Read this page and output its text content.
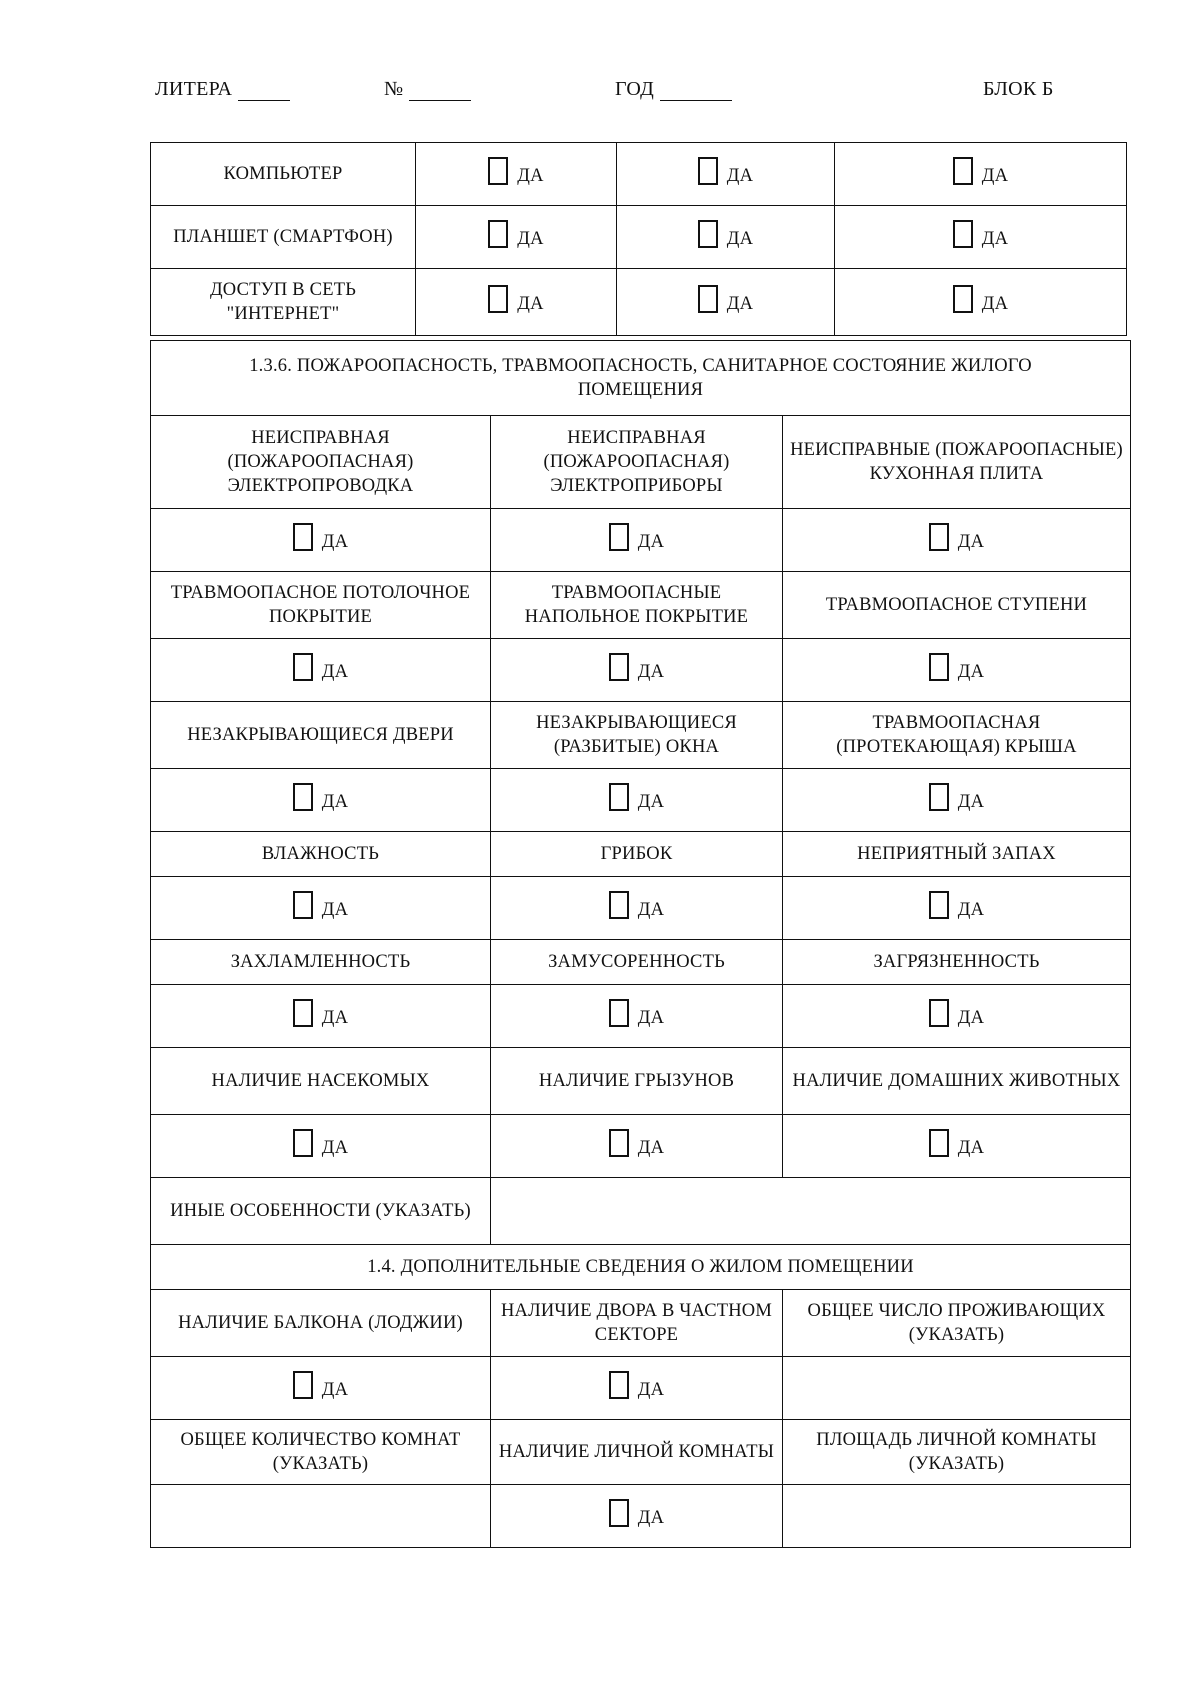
ЛИТЕРА	№	ГОД	БЛОК Б
КОМПЬЮТЕР	ДА	ДА	ДА

ПЛАНШЕТ (СМАРТФОН)	ДА	ДА	ДА

ДОСТУП В СЕТЬ "ИНТЕРНЕТ"	ДА	ДА	ДА
1.3.6. ПОЖАРООПАСНОСТЬ, ТРАВМООПАСНОСТЬ, САНИТАРНОЕ СОСТОЯНИЕ ЖИЛОГО ПОМЕЩЕНИЯ		
НЕИСПРАВНАЯ (ПОЖАРООПАСНАЯ) ЭЛЕКТРОПРОВОДКА	НЕИСПРАВНАЯ (ПОЖАРООПАСНАЯ) ЭЛЕКТРОПРИБОРЫ	НЕИСПРАВНЫЕ (ПОЖАРООПАСНЫЕ) КУХОННАЯ ПЛИТА

ДА	ДА	ДА

ТРАВМООПАСНОЕ ПОТОЛОЧНОЕ ПОКРЫТИЕ	ТРАВМООПАСНЫЕ НАПОЛЬНОЕ ПОКРЫТИЕ	ТРАВМООПАСНОЕ СТУПЕНИ

ДА	ДА	ДА

НЕЗАКРЫВАЮЩИЕСЯ ДВЕРИ	НЕЗАКРЫВАЮЩИЕСЯ (РАЗБИТЫЕ) ОКНА	ТРАВМООПАСНАЯ (ПРОТЕКАЮЩАЯ) КРЫША

ДА	ДА	ДА

ВЛАЖНОСТЬ	ГРИБОК	НЕПРИЯТНЫЙ ЗАПАХ

ДА	ДА	ДА

ЗАХЛАМЛЕННОСТЬ	ЗАМУСОРЕННОСТЬ	ЗАГРЯЗНЕННОСТЬ

ДА	ДА	ДА

НАЛИЧИЕ НАСЕКОМЫХ	НАЛИЧИЕ ГРЫЗУНОВ	НАЛИЧИЕ ДОМАШНИХ ЖИВОТНЫХ

ДА	ДА	ДА

ИНЫЕ ОСОБЕННОСТИ (УКАЗАТЬ)		
1.4. ДОПОЛНИТЕЛЬНЫЕ СВЕДЕНИЯ О ЖИЛОМ ПОМЕЩЕНИИ		
НАЛИЧИЕ БАЛКОНА (ЛОДЖИИ)	НАЛИЧИЕ ДВОРА В ЧАСТНОМ СЕКТОРЕ	ОБЩЕЕ ЧИСЛО ПРОЖИВАЮЩИХ (УКАЗАТЬ)

ДА	ДА	

ОБЩЕЕ КОЛИЧЕСТВО КОМНАТ (УКАЗАТЬ)	НАЛИЧИЕ ЛИЧНОЙ КОМНАТЫ	ПЛОЩАДЬ ЛИЧНОЙ КОМНАТЫ (УКАЗАТЬ)

	ДА	
